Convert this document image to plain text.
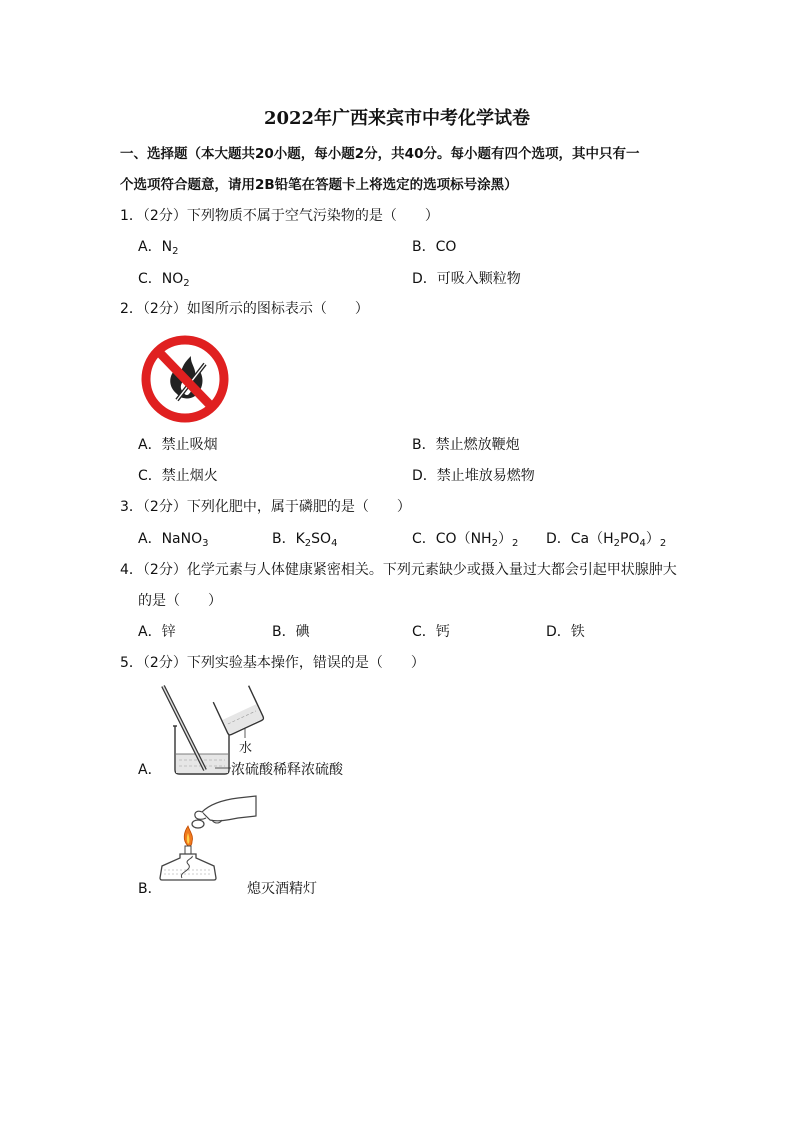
2022年广西来宾市中考化学试卷
一、选择题（本大题共20小题，每小题2分，共40分。每小题有四个选项，其中只有一
个选项符合题意，请用2B铅笔在答题卡上将选定的选项标号涂黑）
1．（2分）下列物质不属于空气污染物的是（　　）
A．$N_2$	B．CO
C．$NO_2$	D．可吸入颗粒物
2．（2分）如图所示的图标表示（　　）
A．禁止吸烟	B．禁止燃放鞭炮
C．禁止烟火	D．禁止堆放易燃物
3．（2分）下列化肥中，属于磷肥的是（　　）
A．NaNO$_3$	B．$K_2SO_4$	C．$CO(NH_2)_2$ D．$Ca(H_2PO_4)_2$
4．（2分）化学元素与人体健康紧密相关。下列元素缺少或摄入量过大都会引起甲状腺肿大
的是（　　）
A．锌	B．碘	C．钙	D．铁
5．（2分）下列实验基本操作，错误的是（　　）
水
A．	浓硫酸稀释浓硫酸
B．	熄灭酒精灯
